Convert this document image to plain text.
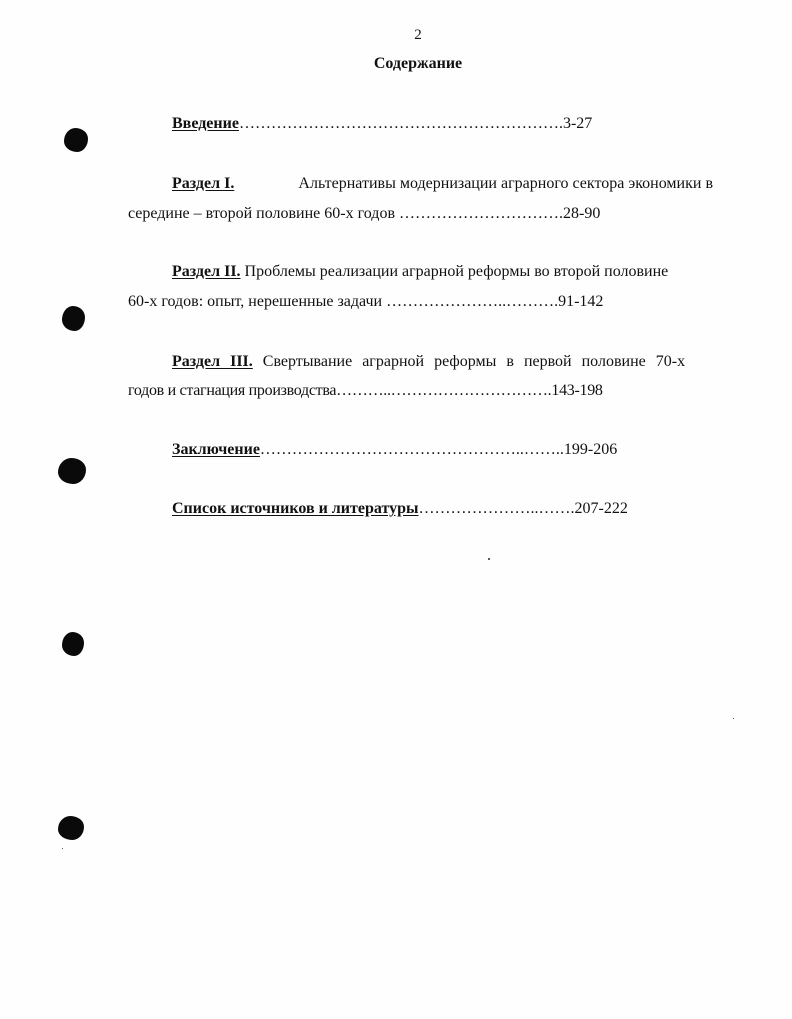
2
Содержание
Введение…………………………………………………….3-27
Раздел I.	Альтернативы модернизации аграрного сектора экономики в
середине – второй половине 60-х годов ………………………….28-90
Раздел II. Проблемы реализации аграрной реформы во второй половине
60-х годов: опыт, нерешенные задачи …………………..……….91-142
Раздел III. Свертывание аграрной реформы в первой половине 70-х
годов и стагнация производства………..………………………….143-198
Заключение…………………………………………..……..199-206
Список источников и литературы…………………..…….207-222
